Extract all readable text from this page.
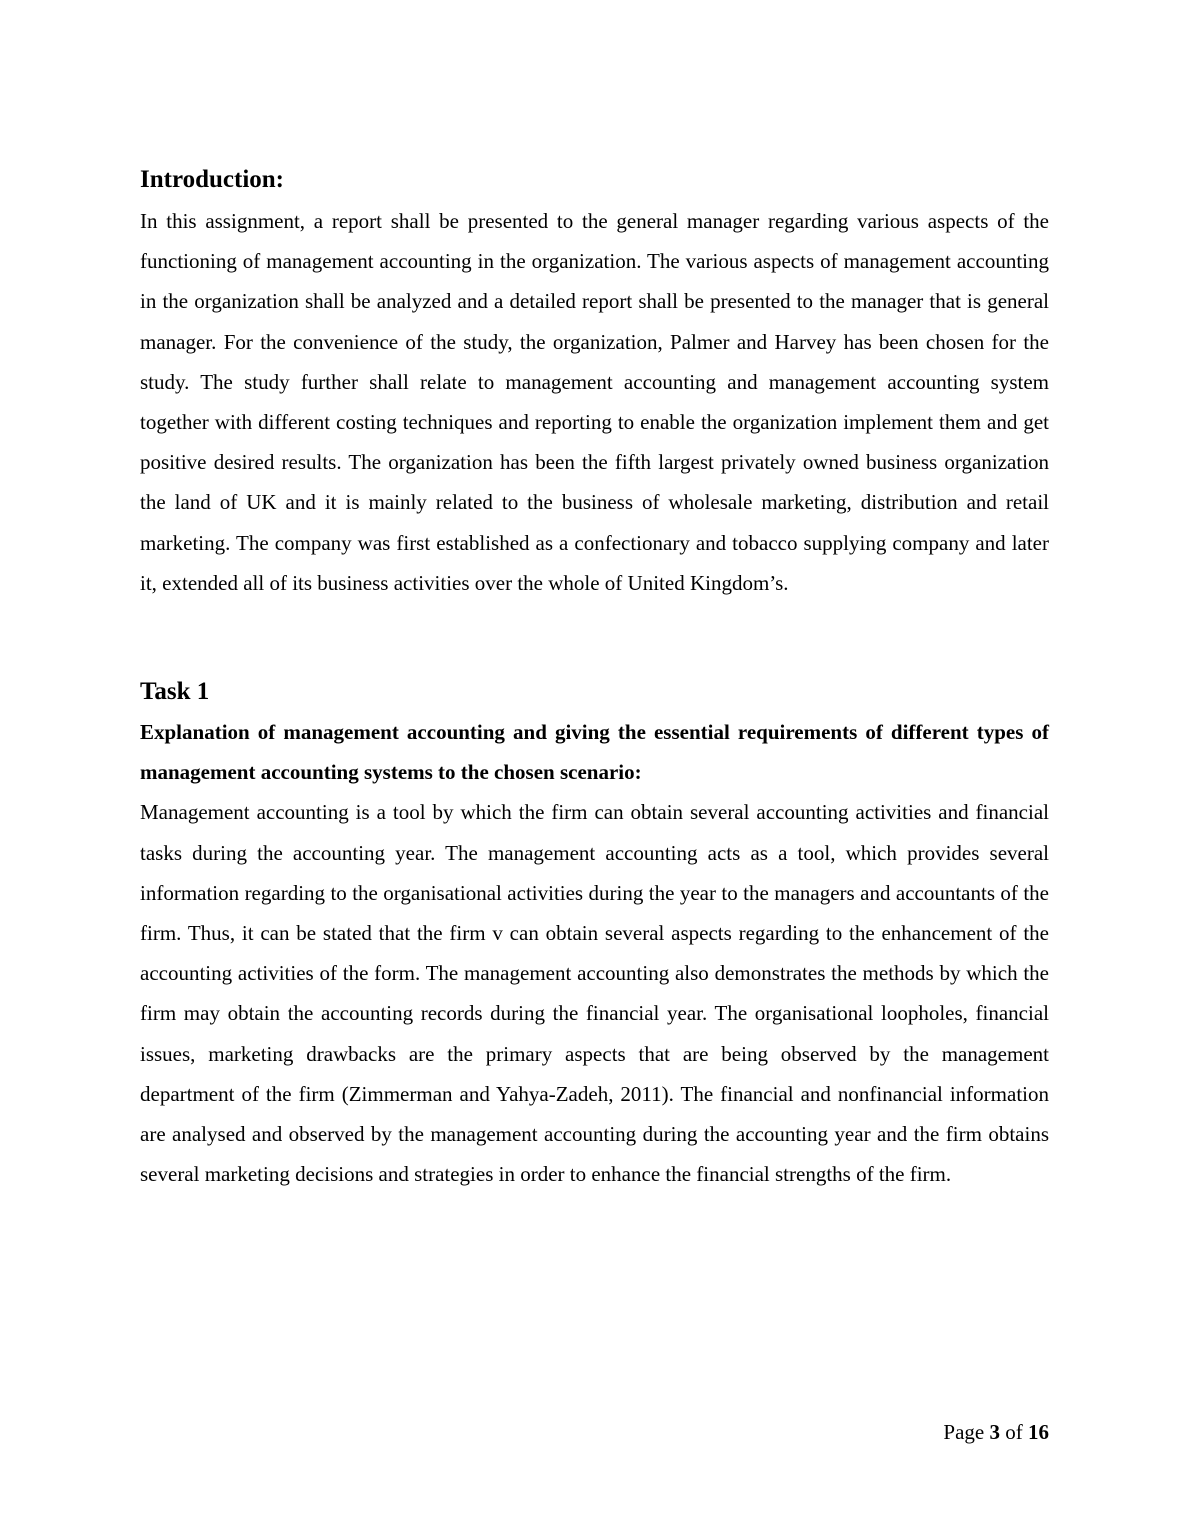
Introduction:

In this assignment, a report shall be presented to the general manager regarding various aspects of the functioning of management accounting in the organization. The various aspects of management accounting in the organization shall be analyzed and a detailed report shall be presented to the manager that is general manager. For the convenience of the study, the organization, Palmer and Harvey has been chosen for the study. The study further shall relate to management accounting and management accounting system together with different costing techniques and reporting to enable the organization implement them and get positive desired results. The organization has been the fifth largest privately owned business organization the land of UK and it is mainly related to the business of wholesale marketing, distribution and retail marketing. The company was first established as a confectionary and tobacco supplying company and later it, extended all of its business activities over the whole of United Kingdom’s.

Task 1

Explanation of management accounting and giving the essential requirements of different types of management accounting systems to the chosen scenario:

Management accounting is a tool by which the firm can obtain several accounting activities and financial tasks during the accounting year. The management accounting acts as a tool, which provides several information regarding to the organisational activities during the year to the managers and accountants of the firm. Thus, it can be stated that the firm v can obtain several aspects regarding to the enhancement of the accounting activities of the form. The management accounting also demonstrates the methods by which the firm may obtain the accounting records during the financial year. The organisational loopholes, financial issues, marketing drawbacks are the primary aspects that are being observed by the management department of the firm (Zimmerman and Yahya-Zadeh, 2011). The financial and nonfinancial information are analysed and observed by the management accounting during the accounting year and the firm obtains several marketing decisions and strategies in order to enhance the financial strengths of the firm.

Page 3 of 16
